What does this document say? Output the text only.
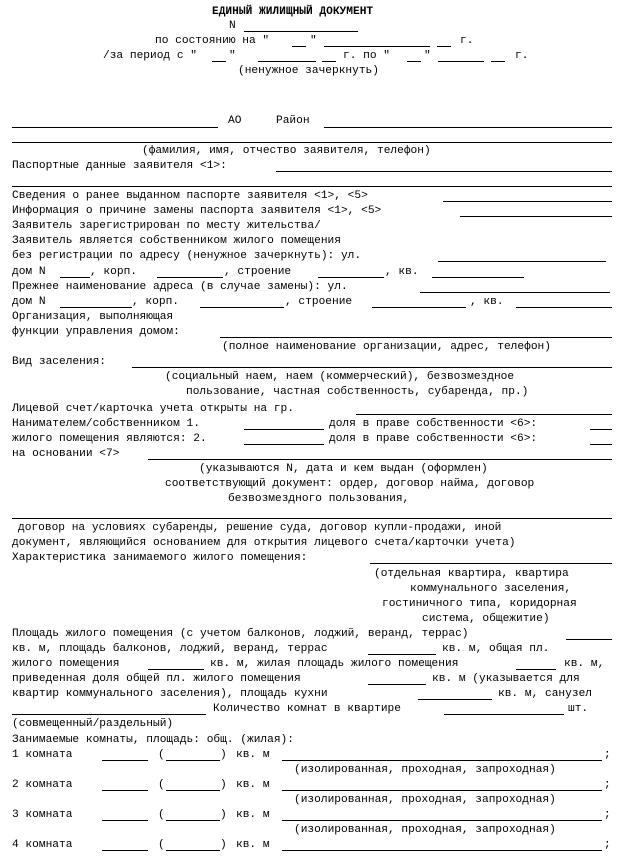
ЕДИНЫЙ ЖИЛИЩНЫЙ ДОКУМЕНТ
N
по состоянию на "	"	г.
/за период с "	"	г. по "	"	г.
(ненужное зачеркнуть)
АО	Район
(фамилия, имя, отчество заявителя, телефон)
Паспортные данные заявителя <1>:
Сведения о ранее выданном паспорте заявителя <1>, <5>
Информация о причине замены паспорта заявителя <1>, <5>
Заявитель зарегистрирован по месту жительства/
Заявитель является собственником жилого помещения
без регистрации по адресу (ненужное зачеркнуть): ул.
дом N	, корп.	, строение	, кв.
Прежнее наименование адреса (в случае замены): ул.
дом N	, корп.	, строение	, кв.
Организация, выполняющая
функции управления домом:
(полное наименование организации, адрес, телефон)
Вид заселения:
(социальный наем, наем (коммерческий), безвозмездное
пользование, частная собственность, субаренда, пр.)
Лицевой счет/карточка учета открыты на гр.
Нанимателем/собственником 1.	доля в праве собственности <6>:
жилого помещения являются: 2.	доля в праве собственности <6>:
на основании <7>
(указываются N, дата и кем выдан (оформлен)
соответствующий документ: ордер, договор найма, договор
безвозмездного пользования,
договор на условиях субаренды, решение суда, договор купли-продажи, иной
документ, являющийся основанием для открытия лицевого счета/карточки учета)
Характеристика занимаемого жилого помещения:
(отдельная квартира, квартира
коммунального заселения,
гостиничного типа, коридорная
система, общежитие)
Площадь жилого помещения (с учетом балконов, лоджий, веранд, террас)
кв. м, площадь балконов, лоджий, веранд, террас	кв. м, общая пл.
жилого помещения	кв. м, жилая площадь жилого помещения	кв. м,
приведенная доля общей пл. жилого помещения	кв. м (указывается для
квартир коммунального заселения), площадь кухни	кв. м, санузел
Количество комнат в квартире	шт.
(совмещенный/раздельный)
Занимаемые комнаты, площадь: общ. (жилая):
1 комната	(	) кв. м	;
(изолированная, проходная, запроходная)
2 комната	(	) кв. м	;
(изолированная, проходная, запроходная)
3 комната	(	) кв. м	;
(изолированная, проходная, запроходная)
4 комната	(	) кв. м	;
